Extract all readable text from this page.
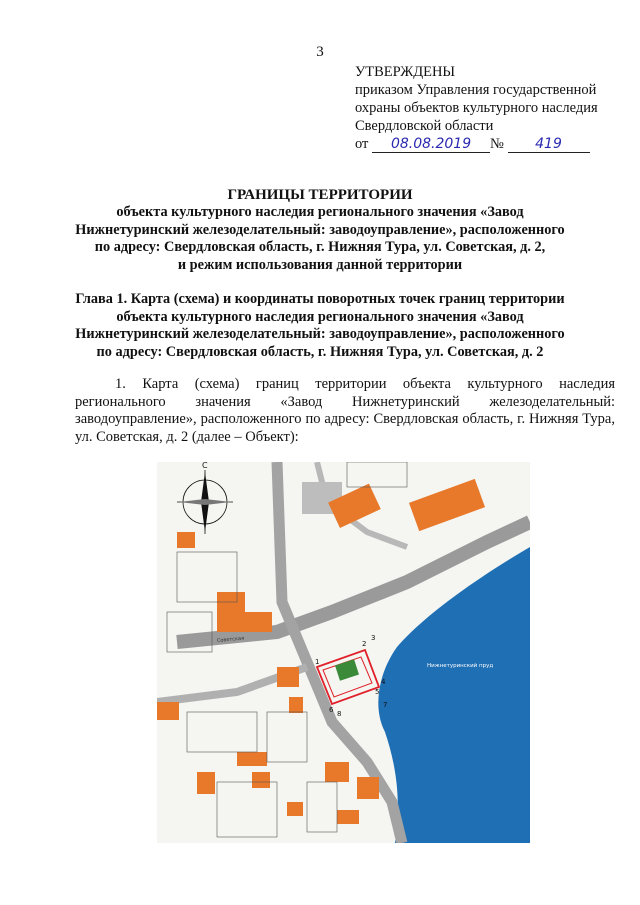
3
УТВЕРЖДЕНЫ
приказом Управления государственной
охраны объектов культурного наследия
Свердловской области
от 08.08.2019 № 419
ГРАНИЦЫ ТЕРРИТОРИИ
объекта культурного наследия регионального значения «Завод
Нижнетуринский железоделательный: заводоуправление», расположенного
по адресу: Свердловская область, г. Нижняя Тура, ул. Советская, д. 2,
и режим использования данной территории
Глава 1. Карта (схема) и координаты поворотных точек границ территории
объекта культурного наследия регионального значения «Завод
Нижнетуринский железоделательный: заводоуправление», расположенного
по адресу: Свердловская область, г. Нижняя Тура, ул. Советская, д. 2
1. Карта (схема) границ территории объекта культурного наследия регионального значения «Завод Нижнетуринский железоделательный: заводоуправление», расположенного по адресу: Свердловская область, г. Нижняя Тура, ул. Советская, д. 2 (далее – Объект):
1
2
3
4
5
6
7
8
Нижнетуринский пруд
Советская
С
